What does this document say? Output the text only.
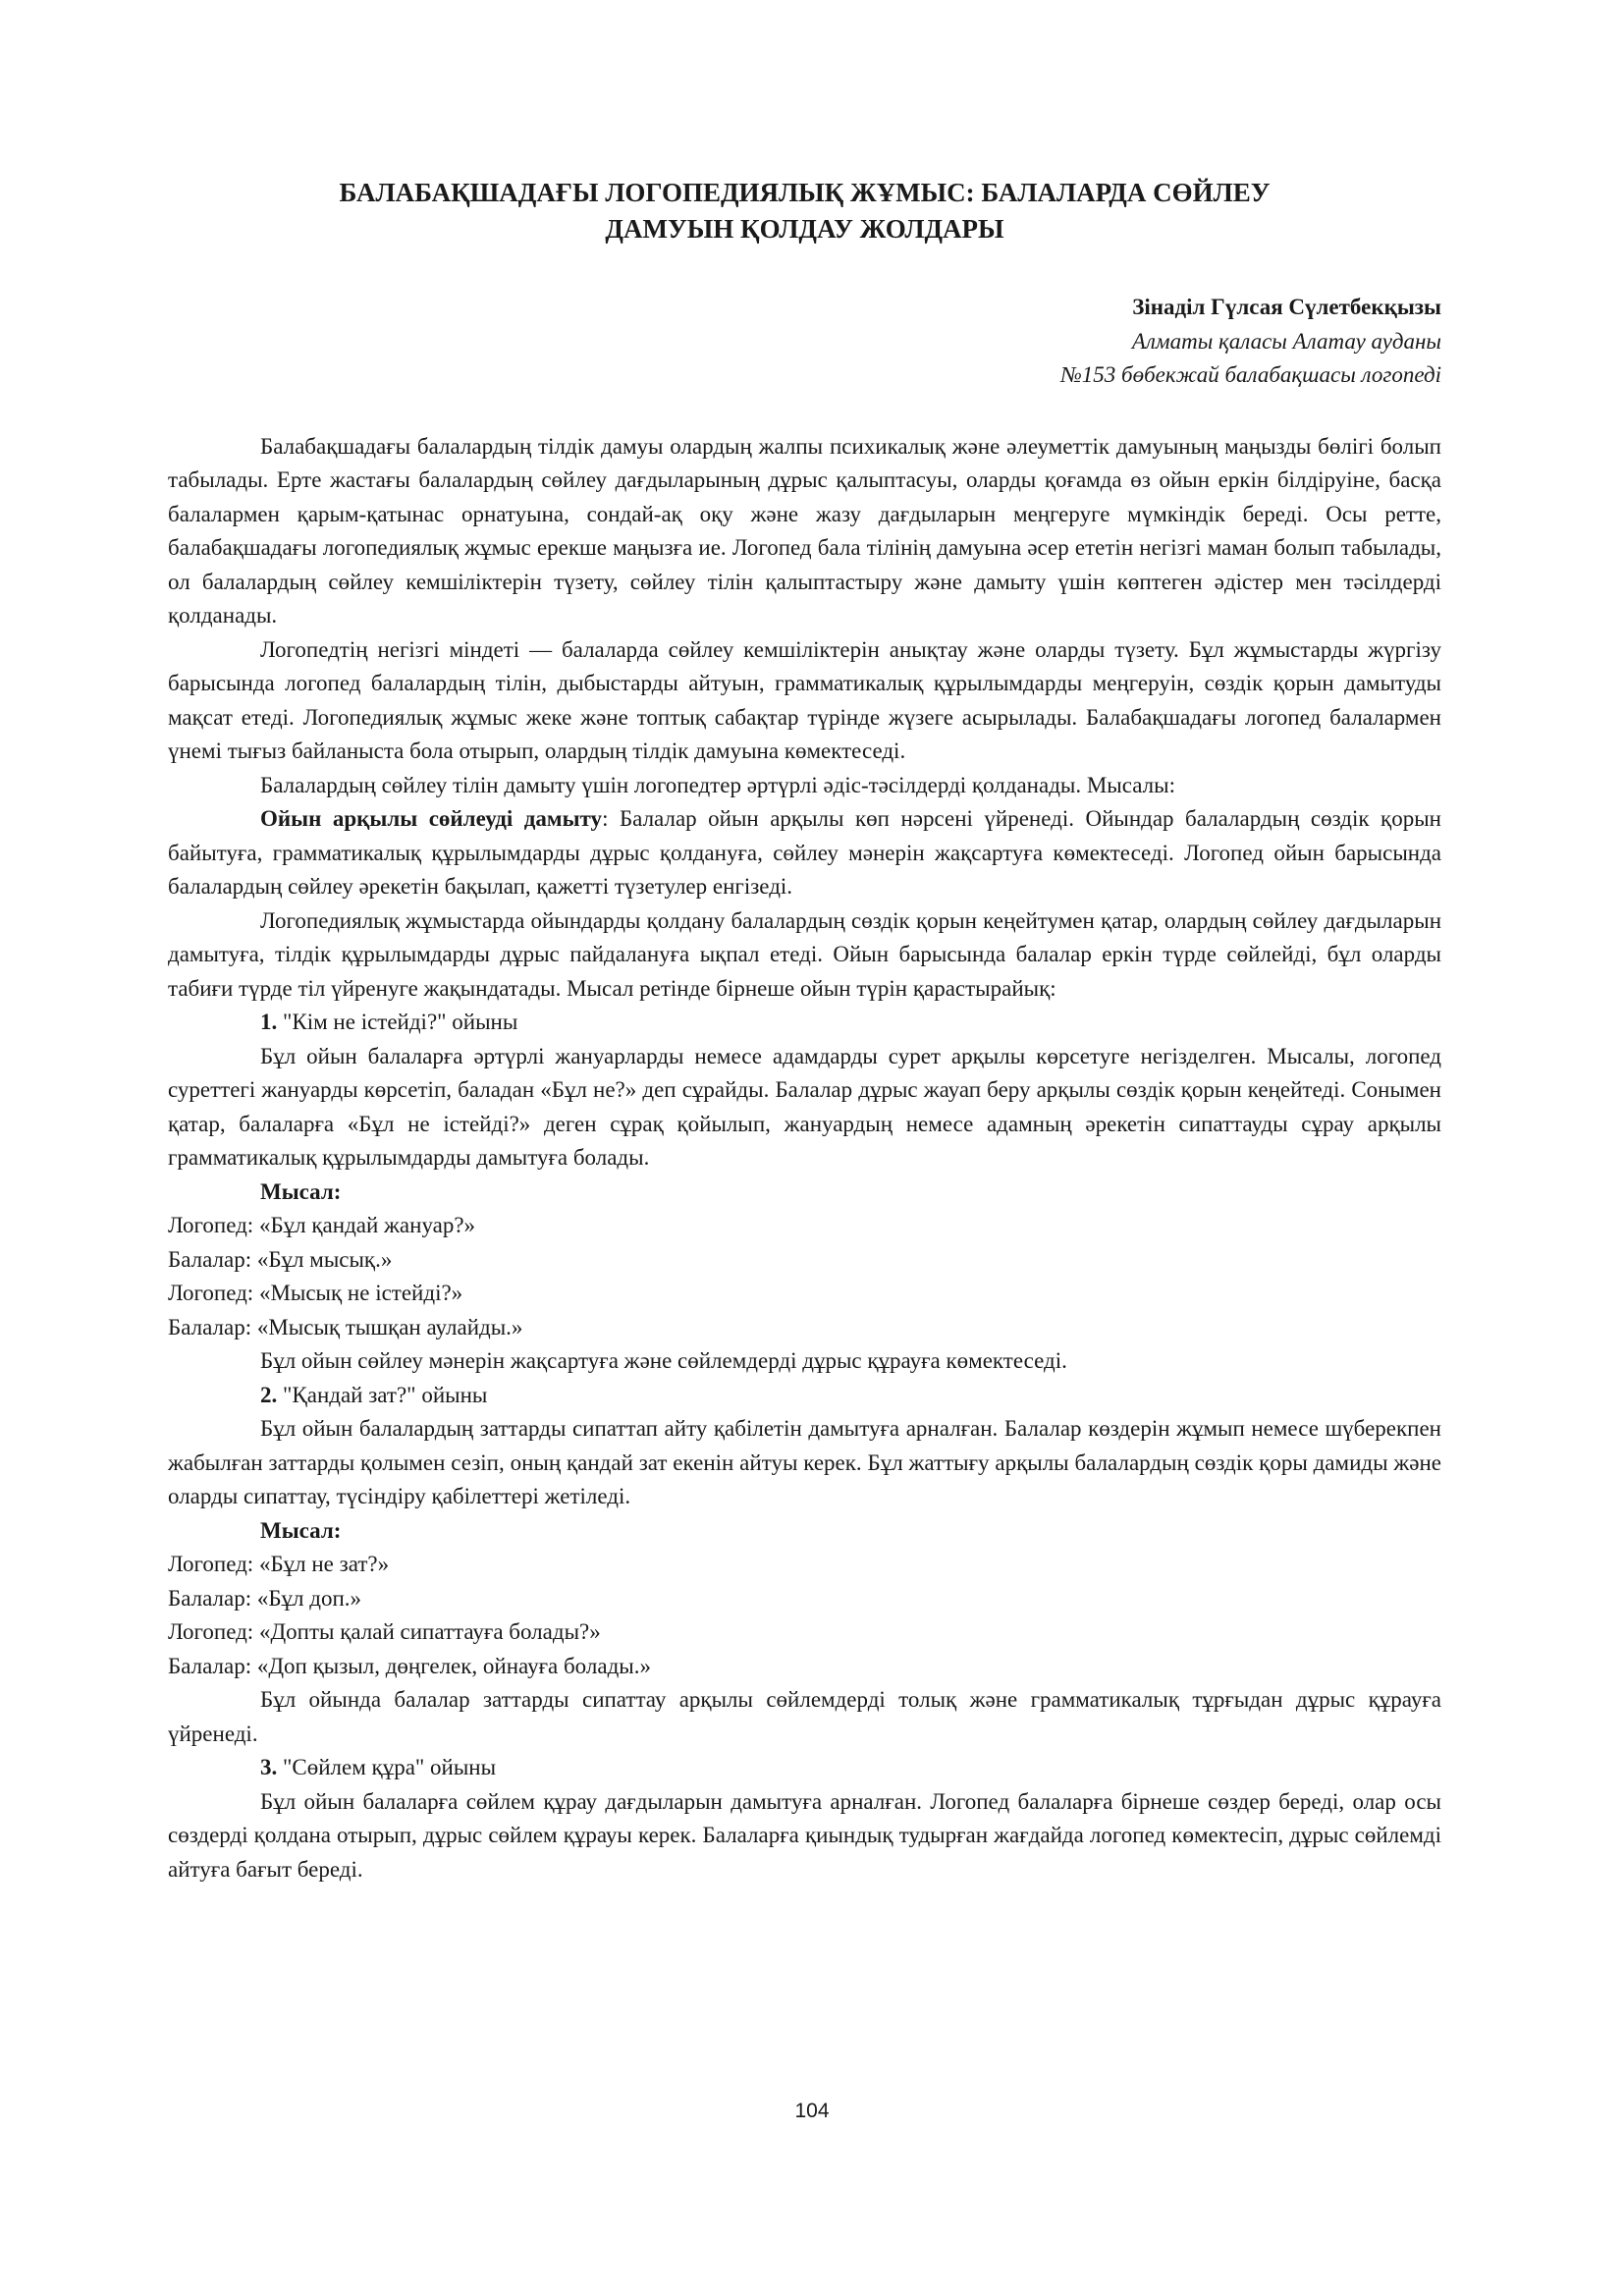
БАЛАБАҚШАДАҒЫ ЛОГОПЕДИЯЛЫҚ ЖҰМЫС: БАЛАЛАРДА СӨЙЛЕУ
ДАМУЫН ҚОЛДАУ ЖОЛДАРЫ
Зінаділ Гүлсая Сүлетбекқызы
Алматы қаласы Алатау ауданы
№153 бөбекжай балабақшасы логопеді

Балабақшадағы балалардың тілдік дамуы олардың жалпы психикалық және әлеуметтік дамуының маңызды бөлігі болып табылады. Ерте жастағы балалардың сөйлеу дағдыларының дұрыс қалыптасуы, оларды қоғамда өз ойын еркін білдіруіне, басқа балалармен қарым-қатынас орнатуына, сондай-ақ оқу және жазу дағдыларын меңгеруге мүмкіндік береді. Осы ретте, балабақшадағы логопедиялық жұмыс ерекше маңызға ие. Логопед бала тілінің дамуына әсер ететін негізгі маман болып табылады, ол балалардың сөйлеу кемшіліктерін түзету, сөйлеу тілін қалыптастыру және дамыту үшін көптеген әдістер мен тәсілдерді қолданады.

Логопедтің негізгі міндеті — балаларда сөйлеу кемшіліктерін анықтау және оларды түзету. Бұл жұмыстарды жүргізу барысында логопед балалардың тілін, дыбыстарды айтуын, грамматикалық құрылымдарды меңгеруін, сөздік қорын дамытуды мақсат етеді. Логопедиялық жұмыс жеке және топтық сабақтар түрінде жүзеге асырылады. Балабақшадағы логопед балалармен үнемі тығыз байланыста бола отырып, олардың тілдік дамуына көмектеседі.

Балалардың сөйлеу тілін дамыту үшін логопедтер әртүрлі әдіс-тәсілдерді қолданады. Мысалы:

Ойын арқылы сөйлеуді дамыту: Балалар ойын арқылы көп нәрсені үйренеді. Ойындар балалардың сөздік қорын байытуға, грамматикалық құрылымдарды дұрыс қолдануға, сөйлеу мәнерін жақсартуға көмектеседі. Логопед ойын барысында балалардың сөйлеу әрекетін бақылап, қажетті түзетулер енгізеді.

Логопедиялық жұмыстарда ойындарды қолдану балалардың сөздік қорын кеңейтумен қатар, олардың сөйлеу дағдыларын дамытуға, тілдік құрылымдарды дұрыс пайдалануға ықпал етеді. Ойын барысында балалар еркін түрде сөйлейді, бұл оларды табиғи түрде тіл үйренуге жақындатады. Мысал ретінде бірнеше ойын түрін қарастырайық:

1. "Кім не істейді?" ойыны

Бұл ойын балаларға әртүрлі жануарларды немесе адамдарды сурет арқылы көрсетуге негізделген. Мысалы, логопед суреттегі жануарды көрсетіп, баладан «Бұл не?» деп сұрайды. Балалар дұрыс жауап беру арқылы сөздік қорын кеңейтеді. Сонымен қатар, балаларға «Бұл не істейді?» деген сұрақ қойылып, жануардың немесе адамның әрекетін сипаттауды сұрау арқылы грамматикалық құрылымдарды дамытуға болады.

Мысал:

Логопед: «Бұл қандай жануар?»
Балалар: «Бұл мысық.»
Логопед: «Мысық не істейді?»
Балалар: «Мысық тышқан аулайды.»

Бұл ойын сөйлеу мәнерін жақсартуға және сөйлемдерді дұрыс құрауға көмектеседі.

2. "Қандай зат?" ойыны

Бұл ойын балалардың заттарды сипаттап айту қабілетін дамытуға арналған. Балалар көздерін жұмып немесе шүберекпен жабылған заттарды қолымен сезіп, оның қандай зат екенін айтуы керек. Бұл жаттығу арқылы балалардың сөздік қоры дамиды және оларды сипаттау, түсіндіру қабілеттері жетіледі.

Мысал:

Логопед: «Бұл не зат?»
Балалар: «Бұл доп.»
Логопед: «Допты қалай сипаттауға болады?»
Балалар: «Доп қызыл, дөңгелек, ойнауға болады.»

Бұл ойында балалар заттарды сипаттау арқылы сөйлемдерді толық және грамматикалық тұрғыдан дұрыс құрауға үйренеді.

3. "Сөйлем құра" ойыны

Бұл ойын балаларға сөйлем құрау дағдыларын дамытуға арналған. Логопед балаларға бірнеше сөздер береді, олар осы сөздерді қолдана отырып, дұрыс сөйлем құрауы керек. Балаларға қиындық тудырған жағдайда логопед көмектесіп, дұрыс сөйлемді айтуға бағыт береді.

104
